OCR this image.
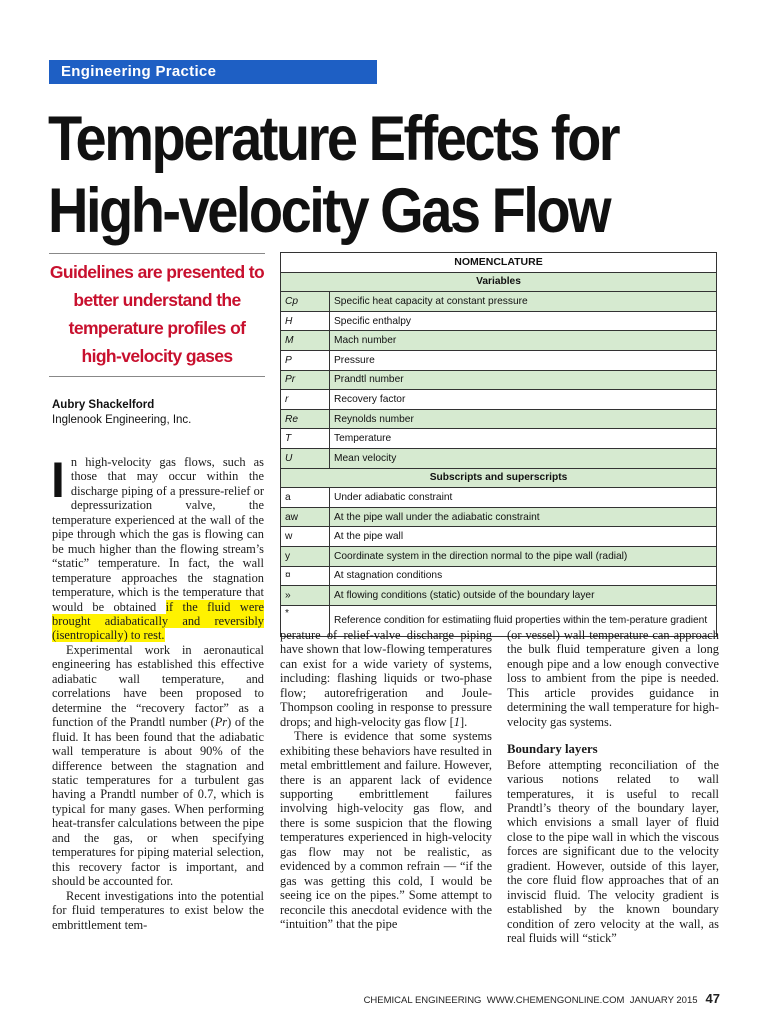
Engineering Practice
Temperature Effects for
High-velocity Gas Flow
Guidelines are presented to better understand the temperature profiles of high-velocity gases
Aubry Shackelford
Inglenook Engineering, Inc.
NOMENCLATURE	
Variables	
Cp	Specific heat capacity at constant pressure
H	Specific enthalpy
M	Mach number
P	Pressure
Pr	Prandtl number
r	Recovery factor
Re	Reynolds number
T	Temperature
U	Mean velocity
Subscripts and superscripts	
a	Under adiabatic constraint
aw	At the pipe wall under the adiabatic constraint
w	At the pipe wall
y	Coordinate system in the direction normal to the pipe wall (radial)
¤	At stagnation conditions
»	At flowing conditions (static) outside of the boundary layer
*	Reference condition for estimatiing fluid properties within the tem-perature gradient

In high-velocity gas flows, such as those that may occur within the discharge piping of a pressure-relief or depressurization valve, the temperature experienced at the wall of the pipe through which the gas is flowing can be much higher than the flowing stream’s “static” temperature. In fact, the wall temperature approaches the stagnation temperature, which is the temperature that would be obtained if the fluid were brought adiabatically and reversibly (isentropically) to rest.

Experimental work in aeronautical engineering has established this effective adiabatic wall temperature, and correlations have been proposed to determine the “recovery factor” as a function of the Prandtl number (Pr) of the fluid. It has been found that the adiabatic wall temperature is about 90% of the difference between the stagnation and static temperatures for a turbulent gas having a Prandtl number of 0.7, which is typical for many gases. When performing heat-transfer calculations between the pipe and the gas, or when specifying temperatures for piping material selection, this recovery factor is important, and should be accounted for.

Recent investigations into the potential for fluid temperatures to exist below the embrittlement tem-

perature of relief-valve discharge piping have shown that low-flowing temperatures can exist for a wide variety of systems, including: flashing liquids or two-phase flow; autorefrigeration and Joule-Thompson cooling in response to pressure drops; and high-velocity gas flow [1].

There is evidence that some systems exhibiting these behaviors have resulted in metal embrittlement and failure. However, there is an apparent lack of evidence supporting embrittlement failures involving high-velocity gas flow, and there is some suspicion that the flowing temperatures experienced in high-velocity gas flow may not be realistic, as evidenced by a common refrain — “if the gas was getting this cold, I would be seeing ice on the pipes.” Some attempt to reconcile this anecdotal evidence with the “intuition” that the pipe

(or vessel) wall temperature can approach the bulk fluid temperature given a long enough pipe and a low enough convective loss to ambient from the pipe is needed. This article provides guidance in determining the wall temperature for high-velocity gas systems.

Boundary layers

Before attempting reconciliation of the various notions related to wall temperatures, it is useful to recall Prandtl’s theory of the boundary layer, which envisions a small layer of fluid close to the pipe wall in which the viscous forces are significant due to the velocity gradient. However, outside of this layer, the core fluid flow approaches that of an inviscid fluid. The velocity gradient is established by the known boundary condition of zero velocity at the wall, as real fluids will “stick”

CHEMICAL ENGINEERING  WWW.CHEMENGONLINE.COM  JANUARY 2015 47
